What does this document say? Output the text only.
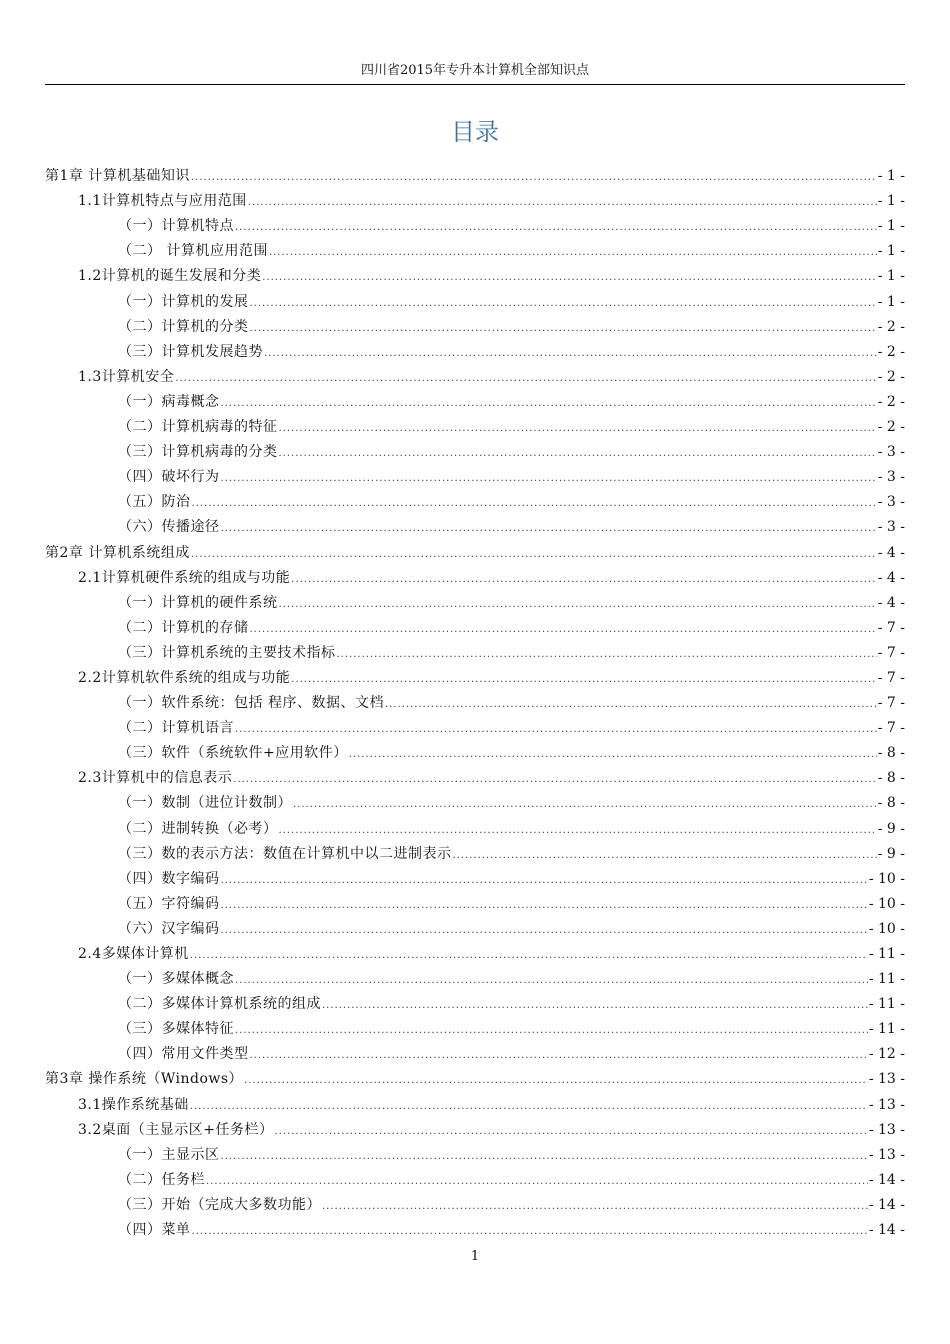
四川省2015年专升本计算机全部知识点
目录
第1章 计算机基础知识 .....	- 1 -
1.1计算机特点与应用范围 .....	- 1 -
（一）计算机特点 .....	- 1 -
（二） 计算机应用范围 .....	- 1 -
1.2计算机的诞生发展和分类 .....	- 1 -
（一）计算机的发展 .....	- 1 -
（二）计算机的分类 .....	- 2 -
（三）计算机发展趋势 .....	- 2 -
1.3计算机安全 .....	- 2 -
（一）病毒概念 .....	- 2 -
（二）计算机病毒的特征 .....	- 2 -
（三）计算机病毒的分类 .....	- 3 -
（四）破坏行为 .....	- 3 -
（五）防治 .....	- 3 -
（六）传播途径 .....	- 3 -
第2章 计算机系统组成 .....	- 4 -
2.1计算机硬件系统的组成与功能 .....	- 4 -
（一）计算机的硬件系统 .....	- 4 -
（二）计算机的存储 .....	- 7 -
（三）计算机系统的主要技术指标 .....	- 7 -
2.2计算机软件系统的组成与功能 .....	- 7 -
（一）软件系统：包括 程序、数据、文档 .....	- 7 -
（二）计算机语言 .....	- 7 -
（三）软件（系统软件+应用软件） .....	- 8 -
2.3计算机中的信息表示 .....	- 8 -
（一）数制（进位计数制） .....	- 8 -
（二）进制转换（必考） .....	- 9 -
（三）数的表示方法：数值在计算机中以二进制表示 .....	- 9 -
（四）数字编码 .....	- 10 -
（五）字符编码 .....	- 10 -
（六）汉字编码 .....	- 10 -
2.4多媒体计算机 .....	- 11 -
（一）多媒体概念 .....	- 11 -
（二）多媒体计算机系统的组成 .....	- 11 -
（三）多媒体特征 .....	- 11 -
（四）常用文件类型 .....	- 12 -
第3章 操作系统（Windows） .....	- 13 -
3.1操作系统基础 .....	- 13 -
3.2桌面（主显示区+任务栏） .....	- 13 -
（一）主显示区 .....	- 13 -
（二）任务栏 .....	- 14 -
（三）开始（完成大多数功能） .....	- 14 -
（四）菜单 .....	- 14 -
1
